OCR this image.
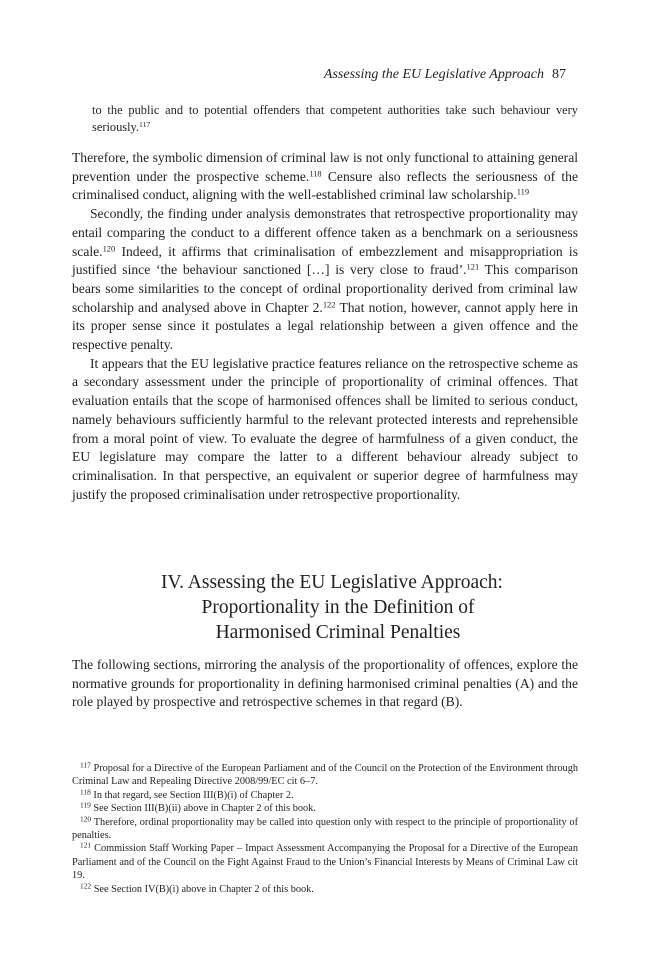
Assessing the EU Legislative Approach 87

to the public and to potential offenders that competent authorities take such behaviour very seriously.$^{117}$

Therefore, the symbolic dimension of criminal law is not only functional to attaining general prevention under the prospective scheme.$^{118}$ Censure also reflects the seriousness of the criminalised conduct, aligning with the well-established criminal law scholarship.$^{119}$

Secondly, the finding under analysis demonstrates that retrospective proportionality may entail comparing the conduct to a different offence taken as a benchmark on a seriousness scale.$^{120}$ Indeed, it affirms that criminalisation of embezzlement and misappropriation is justified since ‘the behaviour sanctioned […] is very close to fraud’.$^{121}$ This comparison bears some similarities to the concept of ordinal proportionality derived from criminal law scholarship and analysed above in Chapter 2.$^{122}$ That notion, however, cannot apply here in its proper sense since it postulates a legal relationship between a given offence and the respective penalty.

It appears that the EU legislative practice features reliance on the retrospective scheme as a secondary assessment under the principle of proportionality of criminal offences. That evaluation entails that the scope of harmonised offences shall be limited to serious conduct, namely behaviours sufficiently harmful to the relevant protected interests and reprehensible from a moral point of view. To evaluate the degree of harmfulness of a given conduct, the EU legislature may compare the latter to a different behaviour already subject to criminalisation. In that perspective, an equivalent or superior degree of harmfulness may justify the proposed criminalisation under retrospective proportionality.

IV. Assessing the EU Legislative Approach:
Proportionality in the Definition of
Harmonised Criminal Penalties

The following sections, mirroring the analysis of the proportionality of offences, explore the normative grounds for proportionality in defining harmonised criminal penalties (A) and the role played by prospective and retrospective schemes in that regard (B).

$^{117}$ Proposal for a Directive of the European Parliament and of the Council on the Protection of the Environment through Criminal Law and Repealing Directive 2008/99/EC cit 6–7.

$^{118}$ In that regard, see Section III(B)(i) of Chapter 2.

$^{119}$ See Section III(B)(ii) above in Chapter 2 of this book.

$^{120}$ Therefore, ordinal proportionality may be called into question only with respect to the principle of proportionality of penalties.

$^{121}$ Commission Staff Working Paper – Impact Assessment Accompanying the Proposal for a Directive of the European Parliament and of the Council on the Fight Against Fraud to the Union’s Financial Interests by Means of Criminal Law cit 19.

$^{122}$ See Section IV(B)(i) above in Chapter 2 of this book.
